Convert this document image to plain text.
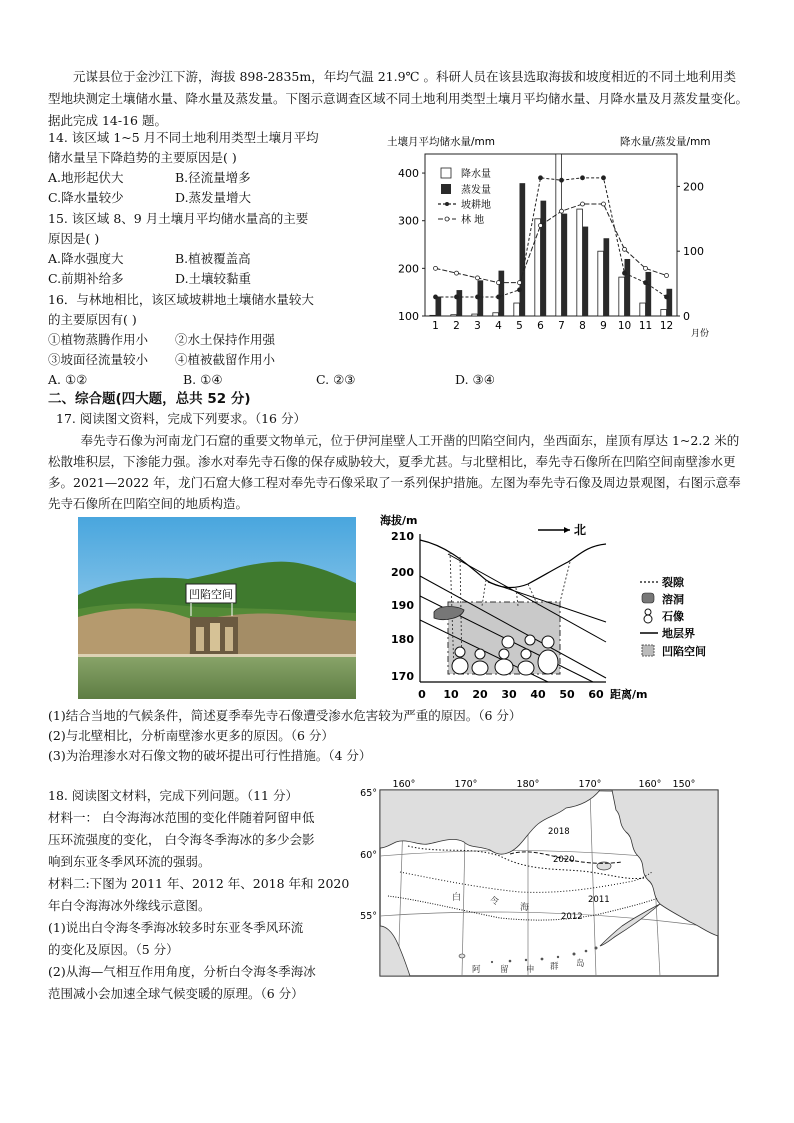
元谋县位于金沙江下游，海拔 898-2835m，年均气温 21.9℃ 。科研人员在该县选取海拔和坡度相近的不同土地利用类型地块测定土壤储水量、降水量及蒸发量。下图示意调查区域不同土地利用类型土壤月平均储水量、月降水量及月蒸发量变化。据此完成 14-16 题。

14. 该区域 1~5 月不同土地利用类型土壤月平均
储水量呈下降趋势的主要原因是( )
A.地形起伏大	B.径流量增多
C.降水量较少	D.蒸发量增大
15. 该区域 8、9 月土壤月平均储水量高的主要
原因是( )
A.降水强度大	B.植被覆盖高
C.前期补给多	D.土壤较黏重
16．与林地相比，该区域坡耕地土壤储水量较大
的主要原因有( )
①植物蒸腾作用小 ②水土保持作用强
③坡面径流量较小 ④植被截留作用小
A. ①②	B. ①④	C. ②③	D. ③④
100
200
300
400
0
100
200
1 2 3 4 5 6 7 8 9 10 11 12
土壤月平均储水量/mm	降水量/蒸发量/mm
月份
降水量
蒸发量
坡耕地
林 地
二、综合题(四大题，总共 52 分)
17. 阅读图文资料，完成下列要求。（16 分）

奉先寺石像为河南龙门石窟的重要文物单元，位于伊河崖壁人工开凿的凹陷空间内，坐西面东，崖顶有厚达 1~2.2 米的松散堆积层，下渗能力强。渗水对奉先寺石像的保存威胁较大，夏季尤甚。与北壁相比，奉先寺石像所在凹陷空间南壁渗水更多。2021—2022 年，龙门石窟大修工程对奉先寺石像采取了一系列保护措施。左图为奉先寺石像及周边景观图，右图示意奉先寺石像所在凹陷空间的地质构造。

凹陷空间
海拔/m
北
210
200
190
180
170
0 10 20 30 40 50 60 距离/m
裂隙
溶洞
石像
地层界
凹陷空间
(1)结合当地的气候条件，简述夏季奉先寺石像遭受渗水危害较为严重的原因。（6 分）
(2)与北壁相比，分析南壁渗水更多的原因。（6 分）
(3)为治理渗水对石像文物的破坏提出可行性措施。（4 分）
18. 阅读图文材料，完成下列问题。（11 分）
材料一： 白令海海冰范围的变化伴随着阿留申低
压环流强度的变化， 白令海冬季海冰的多少会影
响到东亚冬季风环流的强弱。
材料二:下图为 2011 年、2012 年、2018 年和 2020
年白令海海冰外缘线示意图。
(1)说出白令海冬季海冰较多时东亚冬季风环流
的变化及原因。（5 分）
(2)从海—气相互作用角度，分析白令海冬季海冰
范围减小会加速全球气候变暖的原理。（6 分）
160°	170°	180°	170°	160° 150°
65°
60°
55°
2018
2020
2011
2012
白	令
海
阿 留 申 群 岛
